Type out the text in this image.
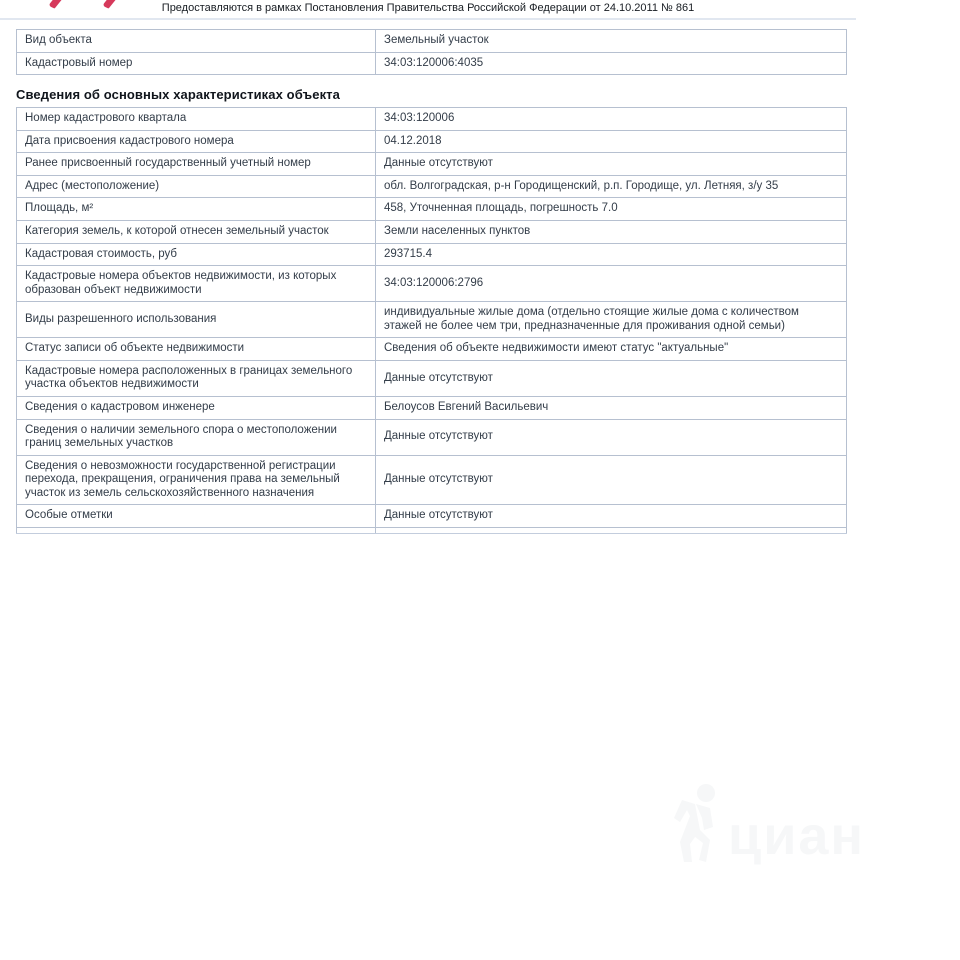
Предоставляются в рамках Постановления Правительства Российской Федерации от 24.10.2011 № 861
Вид объекта	Земельный участок
Кадастровый номер	34:03:120006:4035
Сведения об основных характеристиках объекта
Номер кадастрового квартала	34:03:120006
Дата присвоения кадастрового номера	04.12.2018
Ранее присвоенный государственный учетный номер	Данные отсутствуют
Адрес (местоположение)	обл. Волгоградская, р-н Городищенский, р.п. Городище, ул. Летняя, з/у 35
Площадь, м²	458, Уточненная площадь, погрешность 7.0
Категория земель, к которой отнесен земельный участок	Земли населенных пунктов
Кадастровая стоимость, руб	293715.4
Кадастровые номера объектов недвижимости, из которых образован объект недвижимости	34:03:120006:2796
Виды разрешенного использования	индивидуальные жилые дома (отдельно стоящие жилые дома с количеством этажей не более чем три, предназначенные для проживания одной семьи)
Статус записи об объекте недвижимости	Сведения об объекте недвижимости имеют статус "актуальные"
Кадастровые номера расположенных в границах земельного участка объектов недвижимости	Данные отсутствуют
Сведения о кадастровом инженере	Белоусов Евгений Васильевич
Сведения о наличии земельного спора о местоположении границ земельных участков	Данные отсутствуют
Сведения о невозможности государственной регистрации перехода, прекращения, ограничения права на земельный участок из земель сельскохозяйственного назначения	Данные отсутствуют
Особые отметки	Данные отсутствуют

циан
